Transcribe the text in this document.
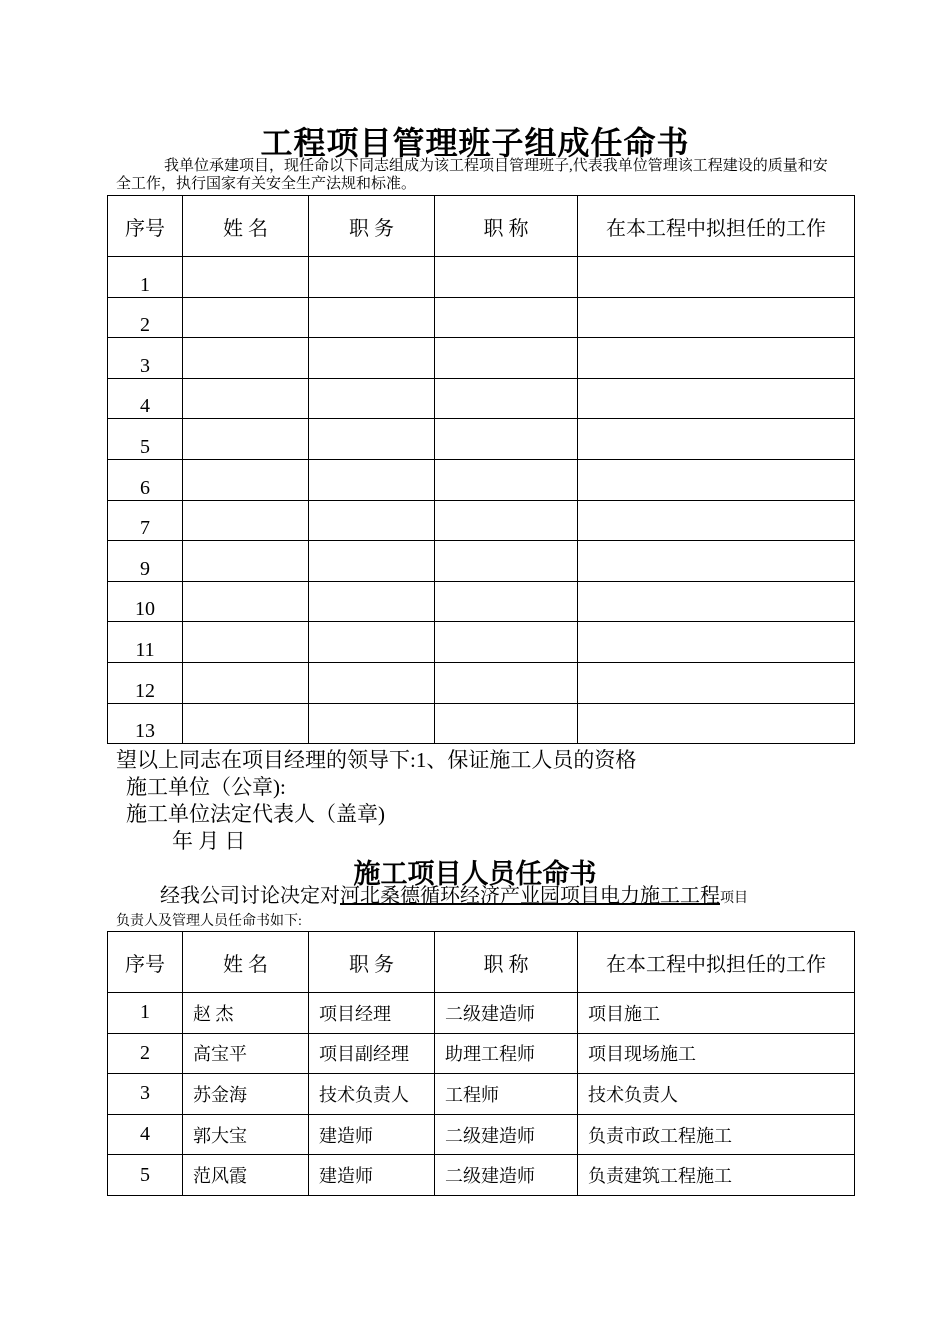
工程项目管理班子组成任命书
我单位承建项目，现任命以下同志组成为该工程项目管理班子,代表我单位管理该工程建设的质量和安全工作，执行国家有关安全生产法规和标准。
序号	姓 名	职 务	职 称	在本工程中拟担任的工作
1				
2				
3				
4				
5				
6				
7				
9				
10				
11				
12				
13				
望以上同志在项目经理的领导下:1、保证施工人员的资格
施工单位（公章):
施工单位法定代表人（盖章)
年 月 日
施工项目人员任命书
经我公司讨论决定对河北桑德循环经济产业园项目电力施工工程项目
负责人及管理人员任命书如下:
序号	姓 名	职 务	职 称	在本工程中拟担任的工作
1	赵 杰	项目经理	二级建造师	项目施工
2	高宝平	项目副经理	助理工程师	项目现场施工
3	苏金海	技术负责人	工程师	技术负责人
4	郭大宝	建造师	二级建造师	负责市政工程施工
5	范风霞	建造师	二级建造师	负责建筑工程施工
